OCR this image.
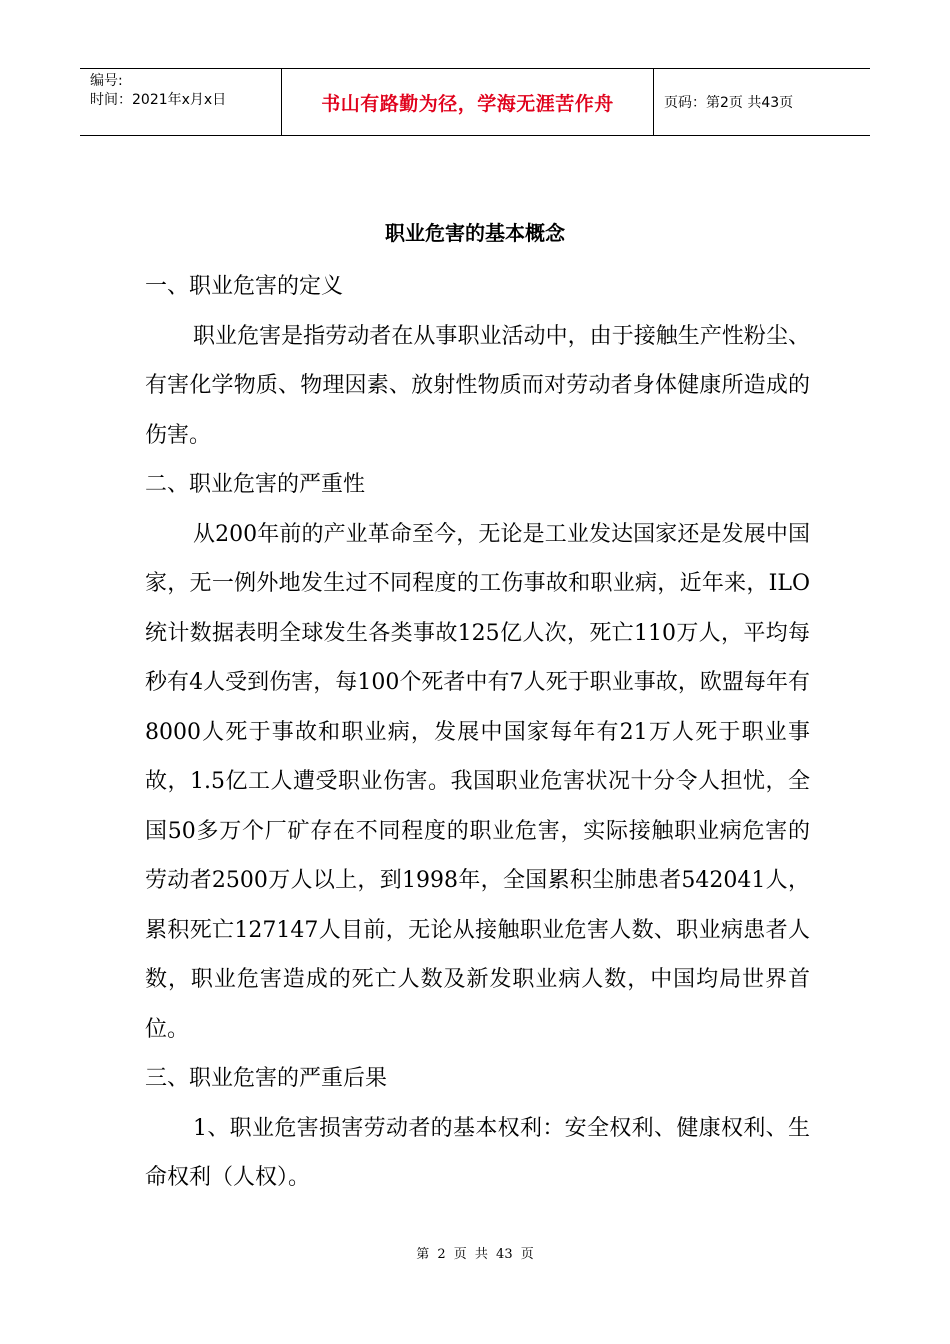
编号:
时间：2021年x月x日	书山有路勤为径，学海无涯苦作舟	页码：第2页 共43页
职业危害的基本概念

一、职业危害的定义

职业危害是指劳动者在从事职业活动中，由于接触生产性粉尘、有害化学物质、物理因素、放射性物质而对劳动者身体健康所造成的伤害。

二、职业危害的严重性

从200年前的产业革命至今，无论是工业发达国家还是发展中国家，无一例外地发生过不同程度的工伤事故和职业病，近年来，ILO统计数据表明全球发生各类事故125亿人次，死亡110万人，平均每秒有4人受到伤害，每100个死者中有7人死于职业事故，欧盟每年有8000人死于事故和职业病，发展中国家每年有21万人死于职业事故，1.5亿工人遭受职业伤害。我国职业危害状况十分令人担忧，全国50多万个厂矿存在不同程度的职业危害，实际接触职业病危害的劳动者2500万人以上，到1998年，全国累积尘肺患者542041人，累积死亡127147人目前，无论从接触职业危害人数、职业病患者人数，职业危害造成的死亡人数及新发职业病人数，中国均局世界首位。

三、职业危害的严重后果

1、职业危害损害劳动者的基本权利：安全权利、健康权利、生命权利（人权）。

第 2 页 共 43 页
